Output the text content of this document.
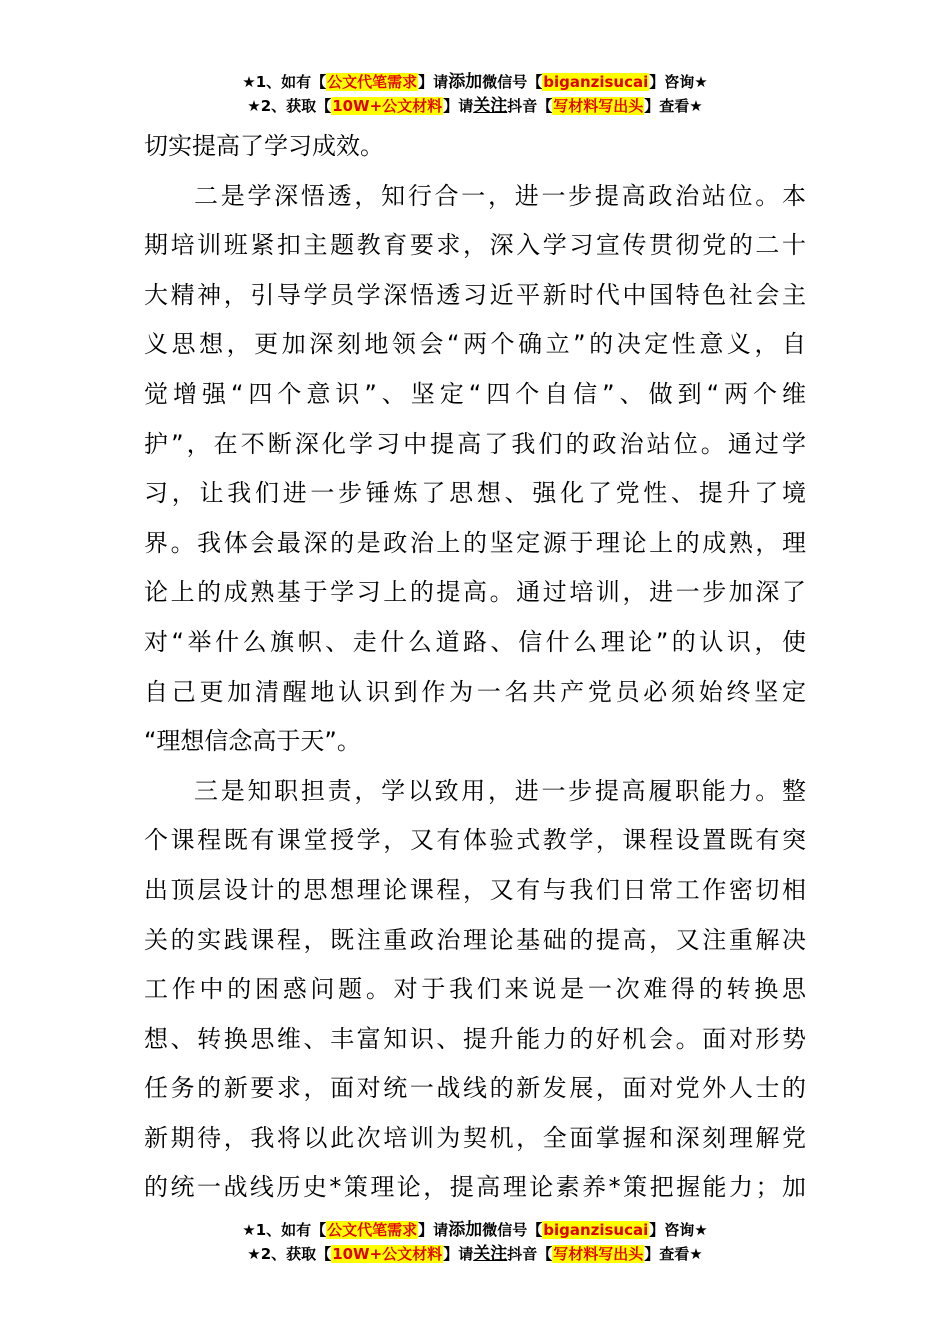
★1、如有【公文代笔需求】请添加微信号【biganzisucai】咨询★
★2、获取【10W+公文材料】请关注抖音【写材料写出头】查看★
切实提高了学习成效。
二是学深悟透，知行合一，进一步提高政治站位。本
期培训班紧扣主题教育要求，深入学习宣传贯彻党的二十
大精神，引导学员学深悟透习近平新时代中国特色社会主
义思想，更加深刻地领会“两个确立”的决定性意义，自
觉增强“四个意识”、坚定“四个自信”、做到“两个维
护”，在不断深化学习中提高了我们的政治站位。通过学
习，让我们进一步锤炼了思想、强化了党性、提升了境
界。我体会最深的是政治上的坚定源于理论上的成熟，理
论上的成熟基于学习上的提高。通过培训，进一步加深了
对“举什么旗帜、走什么道路、信什么理论”的认识，使
自己更加清醒地认识到作为一名共产党员必须始终坚定
“理想信念高于天”。
三是知职担责，学以致用，进一步提高履职能力。整
个课程既有课堂授学，又有体验式教学，课程设置既有突
出顶层设计的思想理论课程，又有与我们日常工作密切相
关的实践课程，既注重政治理论基础的提高，又注重解决
工作中的困惑问题。对于我们来说是一次难得的转换思
想、转换思维、丰富知识、提升能力的好机会。面对形势
任务的新要求，面对统一战线的新发展，面对党外人士的
新期待，我将以此次培训为契机，全面掌握和深刻理解党
的统一战线历史*策理论，提高理论素养*策把握能力；加
★1、如有【公文代笔需求】请添加微信号【biganzisucai】咨询★
★2、获取【10W+公文材料】请关注抖音【写材料写出头】查看★
